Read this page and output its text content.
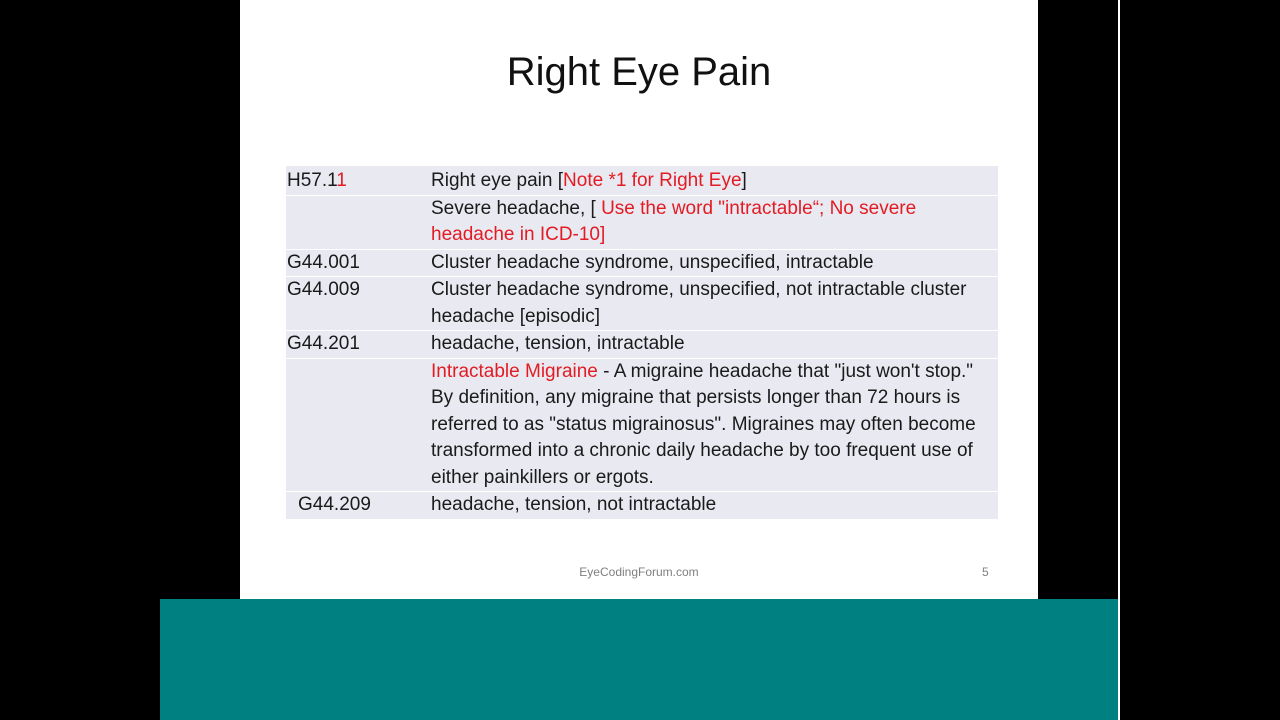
Right Eye Pain
H57.11	Right eye pain [Note *1 for Right Eye]
	Severe headache, [ Use the word "intractable“; No severe headache in ICD-10]
G44.001	Cluster headache syndrome, unspecified, intractable
G44.009	Cluster headache syndrome, unspecified, not intractable cluster headache [episodic]
G44.201	headache, tension, intractable
	Intractable Migraine - A migraine headache that "just won't stop." By definition, any migraine that persists longer than 72 hours is referred to as "status migrainosus". Migraines may often become transformed into a chronic daily headache by too frequent use of either painkillers or ergots.
G44.209	headache, tension, not intractable
EyeCodingForum.com	5
